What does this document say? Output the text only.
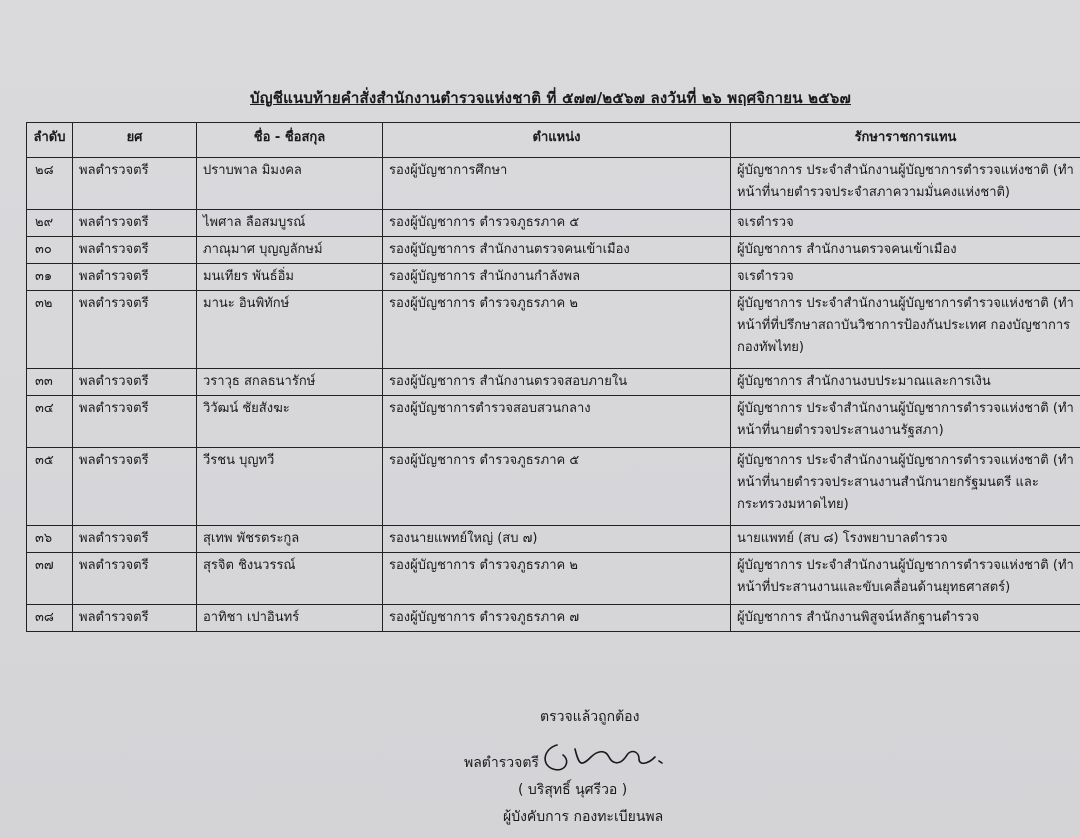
บัญชีแนบท้ายคำสั่งสำนักงานตำรวจแห่งชาติ ที่ ๕๗๗/๒๕๖๗ ลงวันที่ ๒๖ พฤศจิกายน ๒๕๖๗
ลำดับ	ยศ	ชื่อ - ชื่อสกุล	ตำแหน่ง	รักษาราชการแทน
๒๘	พลตำรวจตรี	ปราบพาล มิมงคล	รองผู้บัญชาการศึกษา	ผู้บัญชาการ ประจำสำนักงานผู้บัญชาการตำรวจแห่งชาติ (ทำหน้าที่นายตำรวจประจำสภาความมั่นคงแห่งชาติ)
๒๙	พลตำรวจตรี	ไพศาล ลือสมบูรณ์	รองผู้บัญชาการ ตำรวจภูธรภาค ๕	จเรตำรวจ
๓๐	พลตำรวจตรี	ภาณุมาศ บุญญลักษม์	รองผู้บัญชาการ สำนักงานตรวจคนเข้าเมือง	ผู้บัญชาการ สำนักงานตรวจคนเข้าเมือง
๓๑	พลตำรวจตรี	มนเทียร พันธ์อิ่ม	รองผู้บัญชาการ สำนักงานกำลังพล	จเรตำรวจ
๓๒	พลตำรวจตรี	มานะ อินพิทักษ์	รองผู้บัญชาการ ตำรวจภูธรภาค ๒	ผู้บัญชาการ ประจำสำนักงานผู้บัญชาการตำรวจแห่งชาติ (ทำหน้าที่ที่ปรึกษาสถาบันวิชาการป้องกันประเทศ กองบัญชาการกองทัพไทย)
๓๓	พลตำรวจตรี	วราวุธ สกลธนารักษ์	รองผู้บัญชาการ สำนักงานตรวจสอบภายใน	ผู้บัญชาการ สำนักงานงบประมาณและการเงิน
๓๔	พลตำรวจตรี	วิวัฒน์ ชัยสังฆะ	รองผู้บัญชาการตำรวจสอบสวนกลาง	ผู้บัญชาการ ประจำสำนักงานผู้บัญชาการตำรวจแห่งชาติ (ทำหน้าที่นายตำรวจประสานงานรัฐสภา)
๓๕	พลตำรวจตรี	วีรชน บุญทวี	รองผู้บัญชาการ ตำรวจภูธรภาค ๕	ผู้บัญชาการ ประจำสำนักงานผู้บัญชาการตำรวจแห่งชาติ (ทำหน้าที่นายตำรวจประสานงานสำนักนายกรัฐมนตรี และกระทรวงมหาดไทย)
๓๖	พลตำรวจตรี	สุเทพ พัชรตระกูล	รองนายแพทย์ใหญ่ (สบ ๗)	นายแพทย์ (สบ ๘) โรงพยาบาลตำรวจ
๓๗	พลตำรวจตรี	สุรจิต ชิงนวรรณ์	รองผู้บัญชาการ ตำรวจภูธรภาค ๒	ผู้บัญชาการ ประจำสำนักงานผู้บัญชาการตำรวจแห่งชาติ (ทำหน้าที่ประสานงานและขับเคลื่อนด้านยุทธศาสตร์)
๓๘	พลตำรวจตรี	อาทิชา เปาอินทร์	รองผู้บัญชาการ ตำรวจภูธรภาค ๗	ผู้บัญชาการ สำนักงานพิสูจน์หลักฐานตำรวจ
ตรวจแล้วถูกต้อง
พลตำรวจตรี
( บริสุทธิ์ นุศรีวอ )
ผู้บังคับการ กองทะเบียนพล
